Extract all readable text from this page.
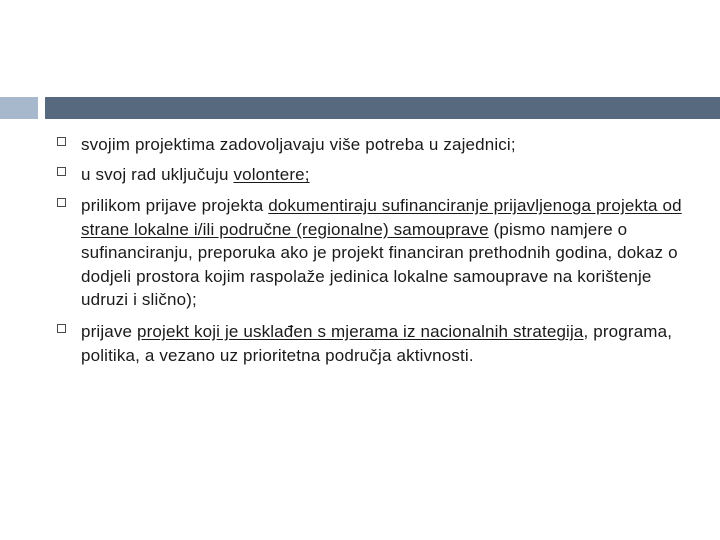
svojim projektima zadovoljavaju više potreba u zajednici;
u svoj rad uključuju volontere;
prilikom prijave projekta dokumentiraju sufinanciranje prijavljenoga projekta od strane lokalne i/ili područne (regionalne) samouprave (pismo namjere o sufinanciranju, preporuka ako je projekt financiran prethodnih godina, dokaz o dodjeli prostora kojim raspolaže jedinica lokalne samouprave na korištenje udruzi i slično);
prijave projekt koji je usklađen s mjerama iz nacionalnih strategija, programa, politika, a vezano uz prioritetna područja aktivnosti.
